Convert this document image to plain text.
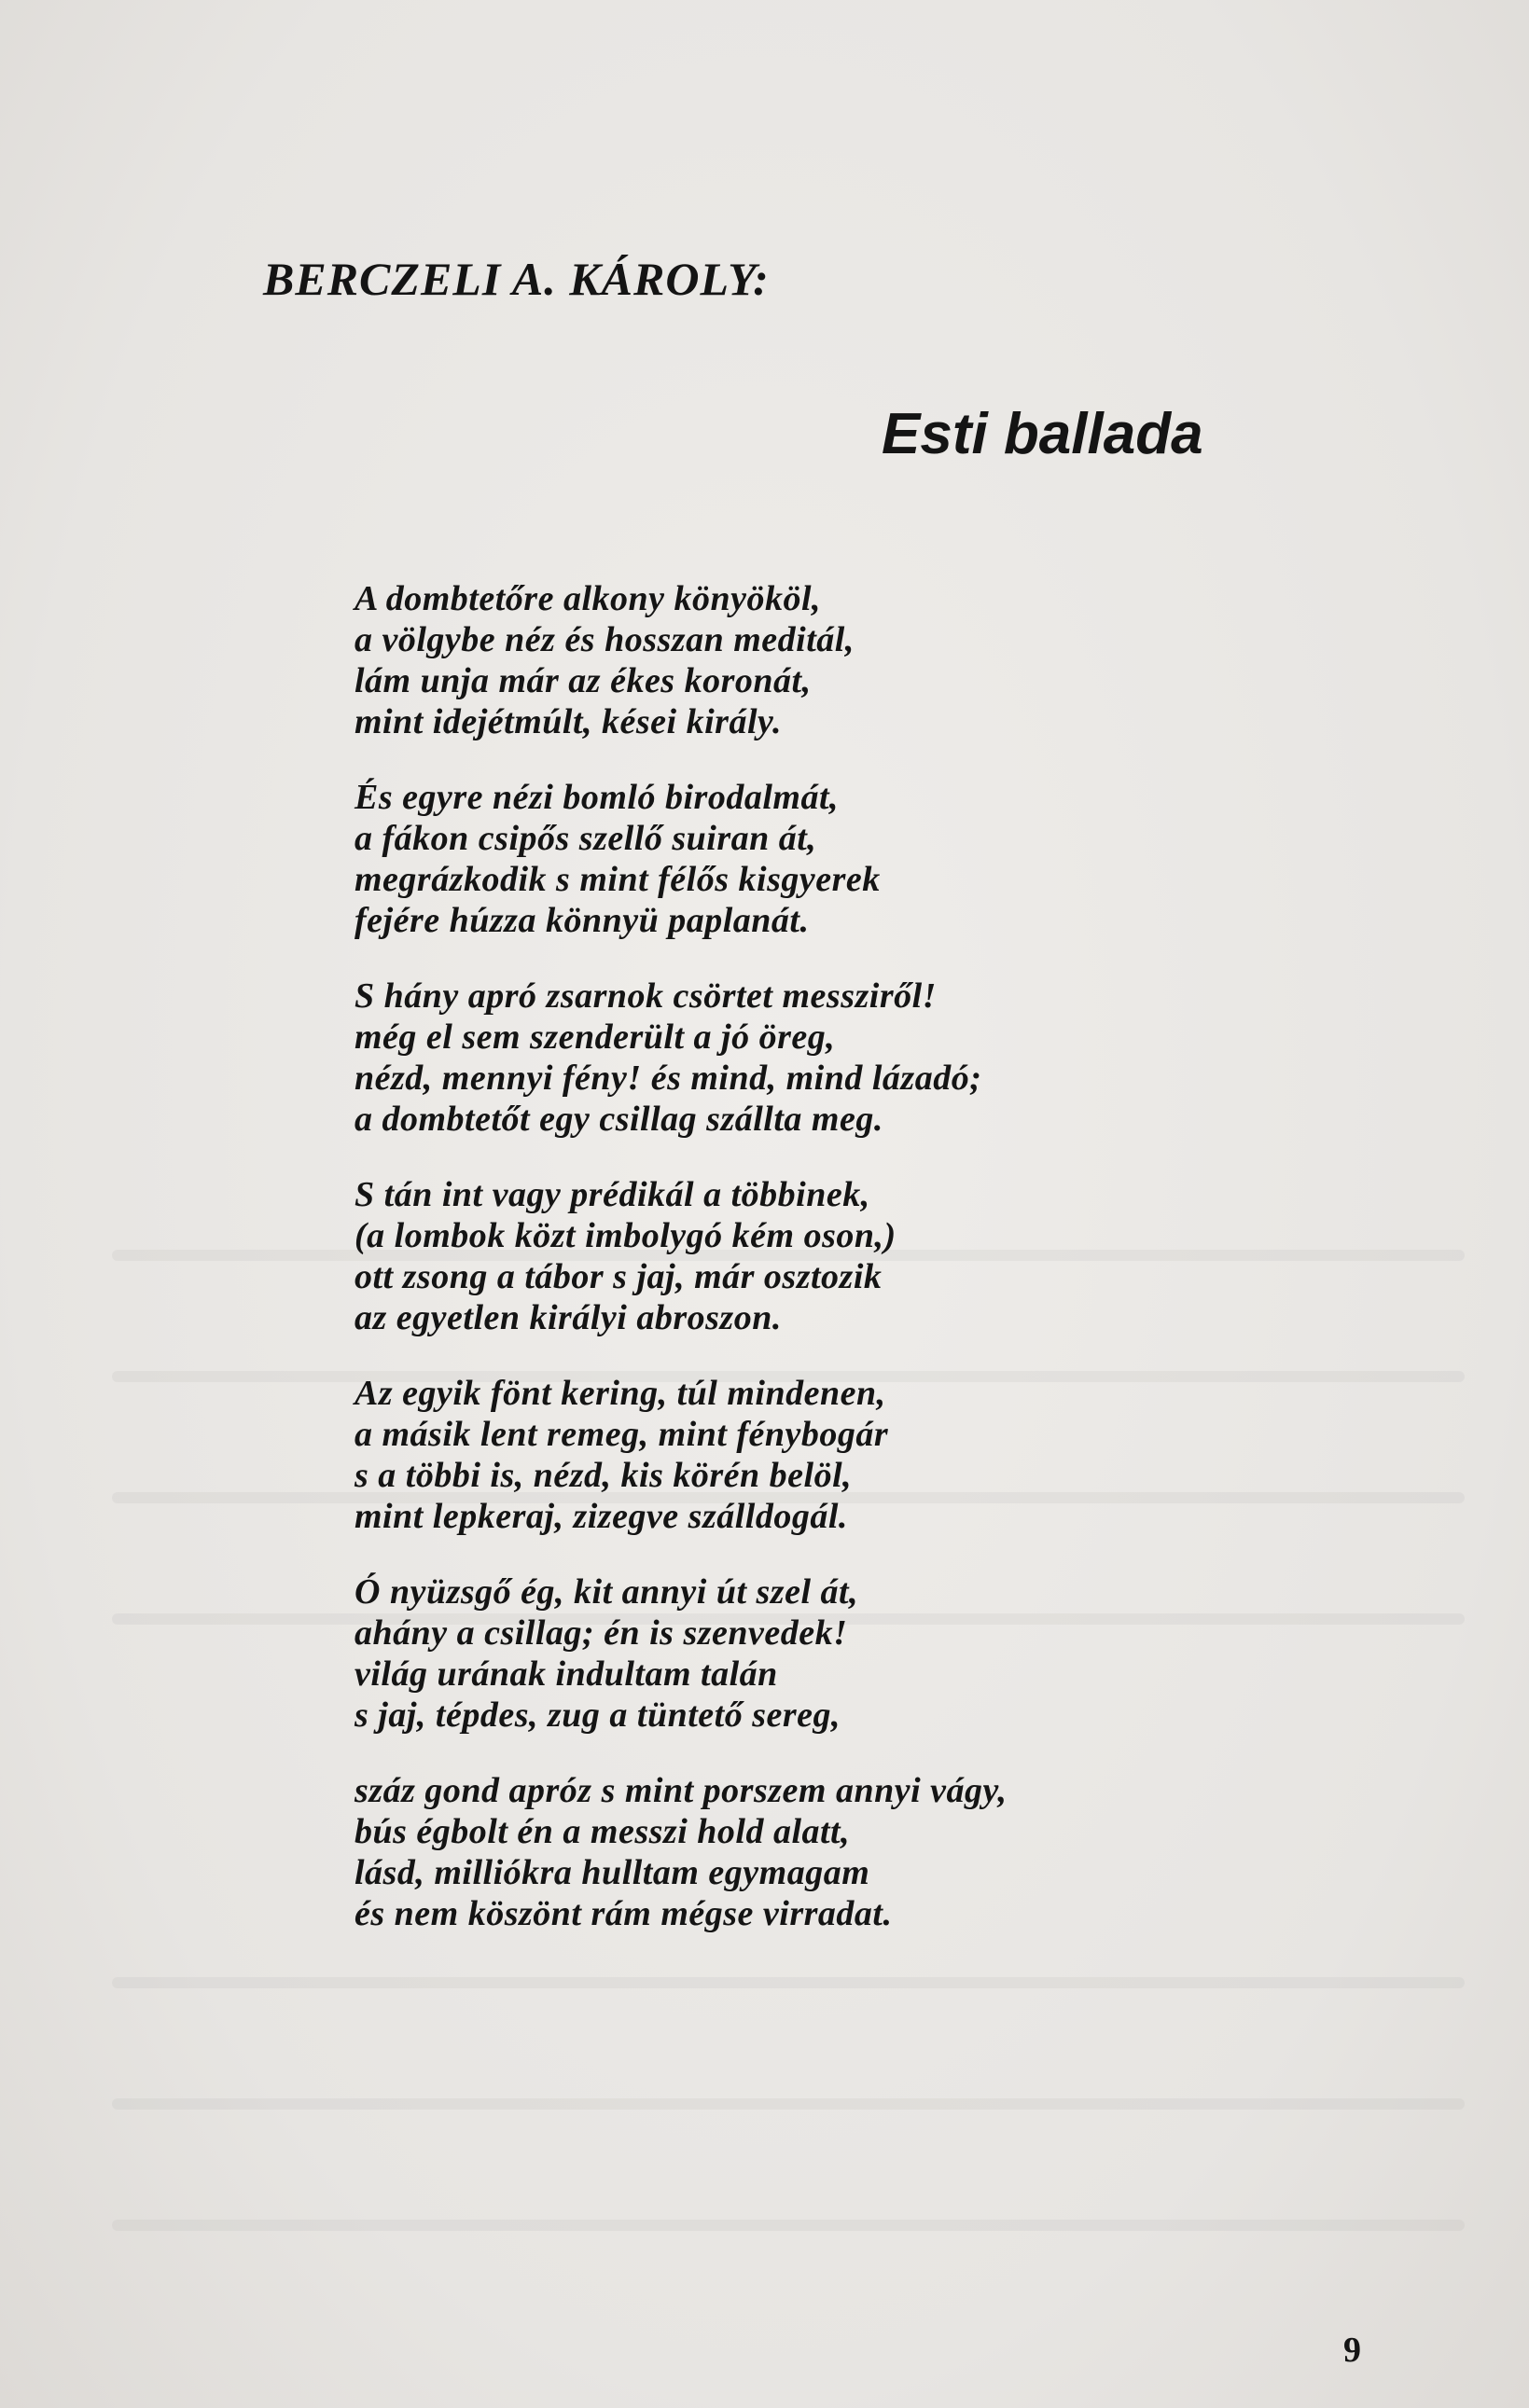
BERCZELI A. KÁROLY:
Esti ballada
A dombtetőre alkony könyököl,
a völgybe néz és hosszan meditál,
lám unja már az ékes koronát,
mint idejétmúlt, kései király.
És egyre nézi bomló birodalmát,
a fákon csipős szellő suiran át,
megrázkodik s mint félős kisgyerek
fejére húzza könnyü paplanát.
S hány apró zsarnok csörtet messziről!
még el sem szenderült a jó öreg,
nézd, mennyi fény! és mind, mind lázadó;
a dombtetőt egy csillag szállta meg.
S tán int vagy prédikál a többinek,
(a lombok közt imbolygó kém oson,)
ott zsong a tábor s jaj, már osztozik
az egyetlen királyi abroszon.
Az egyik fönt kering, túl mindenen,
a másik lent remeg, mint fénybogár
s a többi is, nézd, kis körén belöl,
mint lepkeraj, zizegve szálldogál.
Ó nyüzsgő ég, kit annyi út szel át,
ahány a csillag; én is szenvedek!
világ urának indultam talán
s jaj, tépdes, zug a tüntető sereg,
száz gond apróz s mint porszem annyi vágy,
bús égbolt én a messzi hold alatt,
lásd, milliókra hulltam egymagam
és nem köszönt rám mégse virradat.
9
